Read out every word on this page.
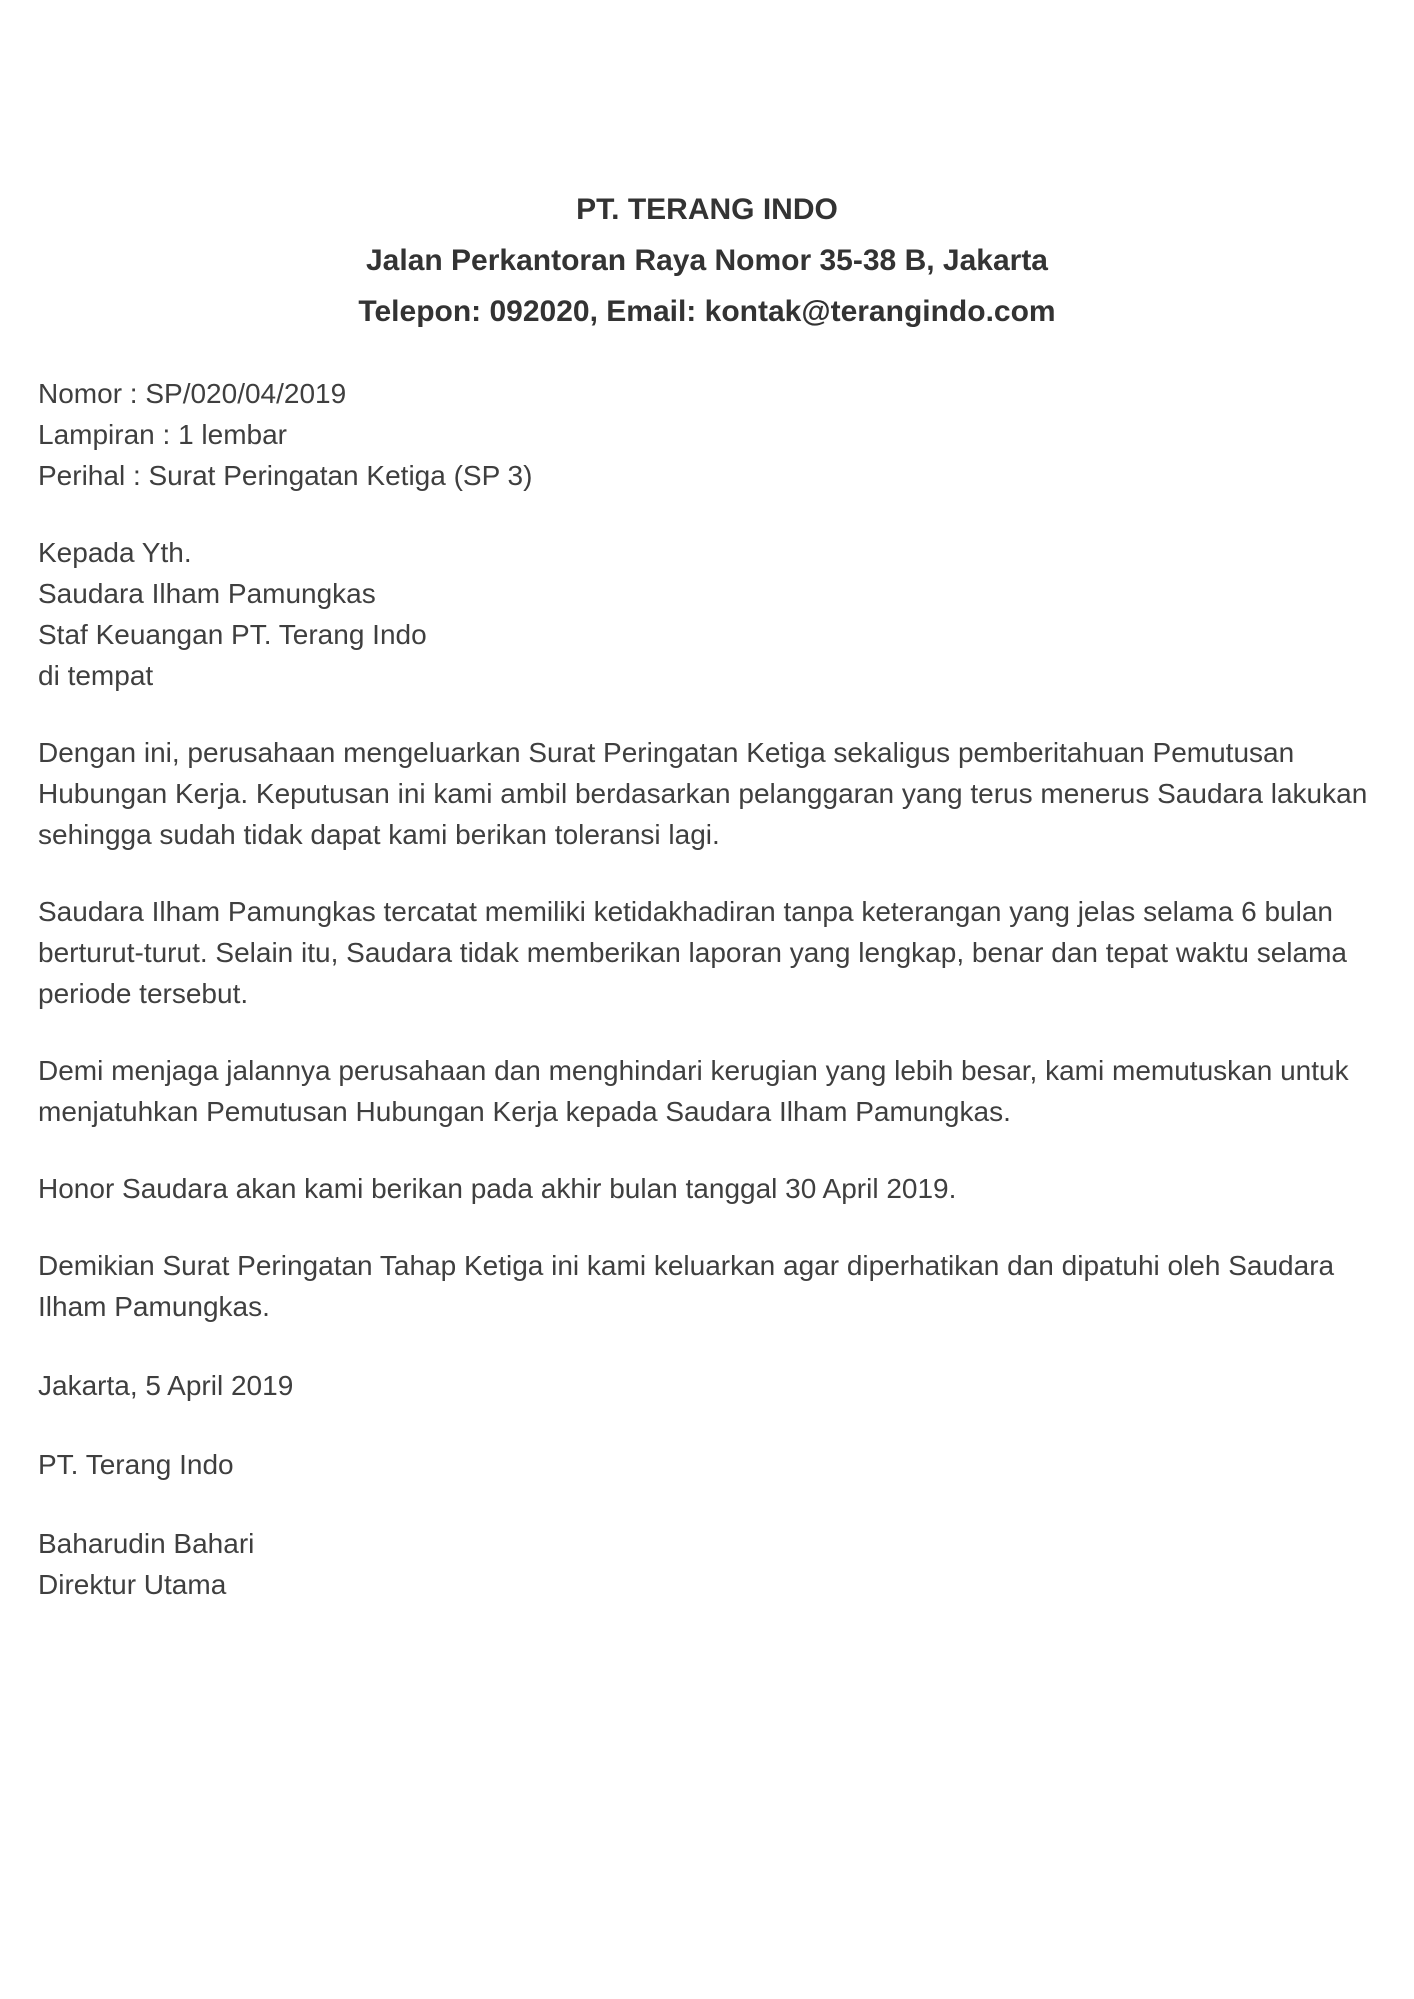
PT. TERANG INDO
Jalan Perkantoran Raya Nomor 35-38 B, Jakarta
Telepon: 092020, Email: kontak@terangindo.com
Nomor : SP/020/04/2019
Lampiran : 1 lembar
Perihal : Surat Peringatan Ketiga (SP 3)
Kepada Yth.
Saudara Ilham Pamungkas
Staf Keuangan PT. Terang Indo
di tempat

Dengan ini, perusahaan mengeluarkan Surat Peringatan Ketiga sekaligus pemberitahuan Pemutusan Hubungan Kerja. Keputusan ini kami ambil berdasarkan pelanggaran yang terus menerus Saudara lakukan sehingga sudah tidak dapat kami berikan toleransi lagi.

Saudara Ilham Pamungkas tercatat memiliki ketidakhadiran tanpa keterangan yang jelas selama 6 bulan berturut-turut. Selain itu, Saudara tidak memberikan laporan yang lengkap, benar dan tepat waktu selama periode tersebut.

Demi menjaga jalannya perusahaan dan menghindari kerugian yang lebih besar, kami memutuskan untuk menjatuhkan Pemutusan Hubungan Kerja kepada Saudara Ilham Pamungkas.

Honor Saudara akan kami berikan pada akhir bulan tanggal 30 April 2019.

Demikian Surat Peringatan Tahap Ketiga ini kami keluarkan agar diperhatikan dan dipatuhi oleh Saudara Ilham Pamungkas.

Jakarta, 5 April 2019
PT. Terang Indo
Baharudin Bahari
Direktur Utama
